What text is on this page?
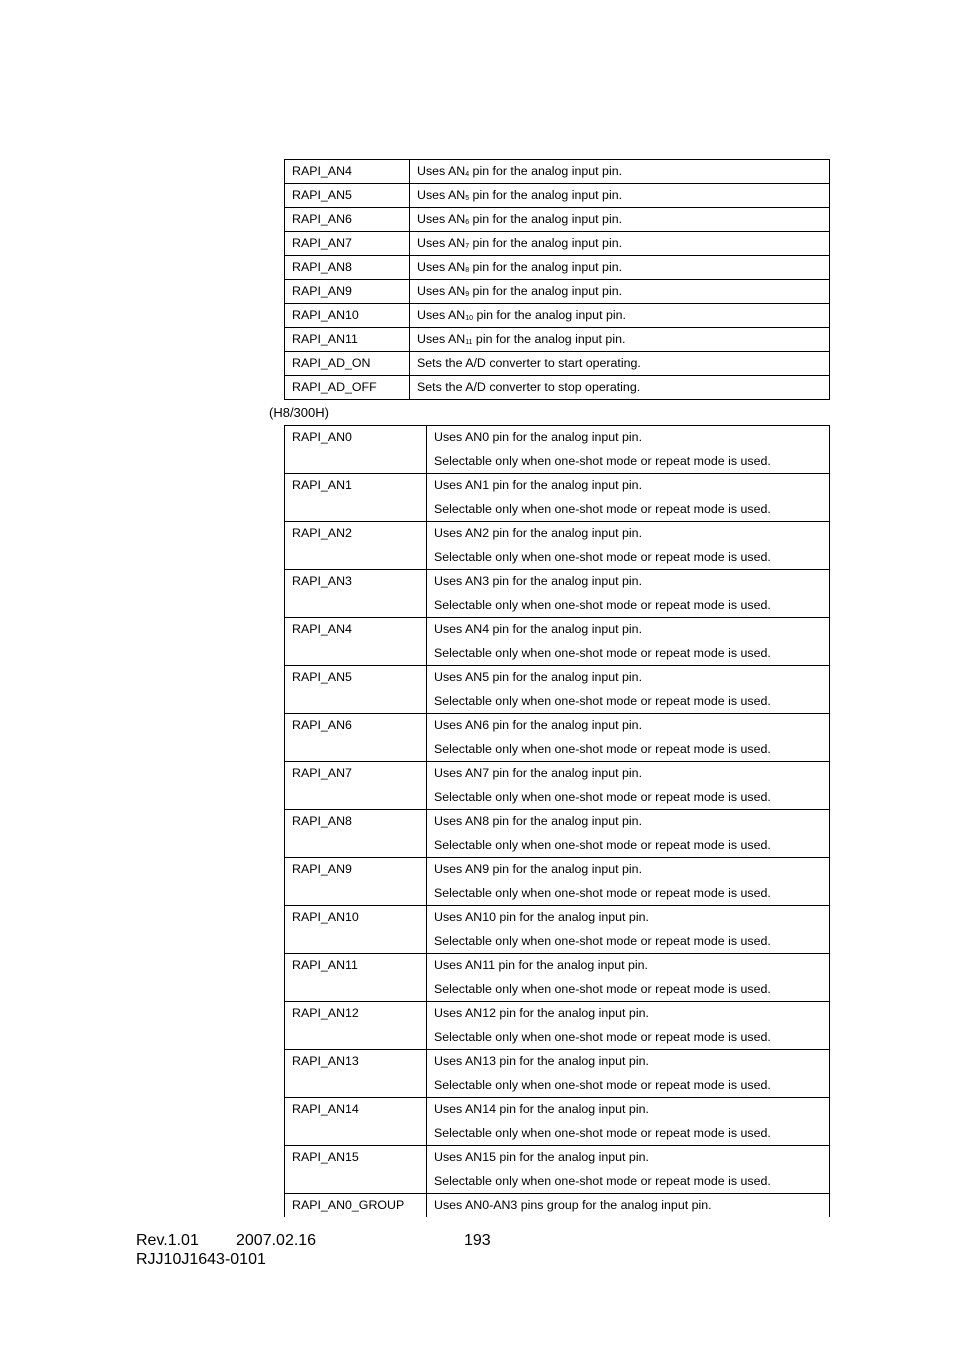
RAPI_AN4	Uses $AN_4$ pin for the analog input pin.
RAPI_AN5	Uses $AN_5$ pin for the analog input pin.
RAPI_AN6	Uses $AN_6$ pin for the analog input pin.
RAPI_AN7	Uses $AN_7$ pin for the analog input pin.
RAPI_AN8	Uses $AN_8$ pin for the analog input pin.
RAPI_AN9	Uses $AN_9$ pin for the analog input pin.
RAPI_AN10	Uses $AN_{10}$ pin for the analog input pin.
RAPI_AN11	Uses $AN_{11}$ pin for the analog input pin.
RAPI_AD_ON	Sets the A/D converter to start operating.
RAPI_AD_OFF	Sets the A/D converter to stop operating.
(H8/300H)
RAPI_AN0	Uses AN0 pin for the analog input pin.
Selectable only when one-shot mode or repeat mode is used.

RAPI_AN1	Uses AN1 pin for the analog input pin.
Selectable only when one-shot mode or repeat mode is used.

RAPI_AN2	Uses AN2 pin for the analog input pin.
Selectable only when one-shot mode or repeat mode is used.

RAPI_AN3	Uses AN3 pin for the analog input pin.
Selectable only when one-shot mode or repeat mode is used.

RAPI_AN4	Uses AN4 pin for the analog input pin.
Selectable only when one-shot mode or repeat mode is used.

RAPI_AN5	Uses AN5 pin for the analog input pin.
Selectable only when one-shot mode or repeat mode is used.

RAPI_AN6	Uses AN6 pin for the analog input pin.
Selectable only when one-shot mode or repeat mode is used.

RAPI_AN7	Uses AN7 pin for the analog input pin.
Selectable only when one-shot mode or repeat mode is used.

RAPI_AN8	Uses AN8 pin for the analog input pin.
Selectable only when one-shot mode or repeat mode is used.

RAPI_AN9	Uses AN9 pin for the analog input pin.
Selectable only when one-shot mode or repeat mode is used.

RAPI_AN10	Uses AN10 pin for the analog input pin.
Selectable only when one-shot mode or repeat mode is used.

RAPI_AN11	Uses AN11 pin for the analog input pin.
Selectable only when one-shot mode or repeat mode is used.

RAPI_AN12	Uses AN12 pin for the analog input pin.
Selectable only when one-shot mode or repeat mode is used.

RAPI_AN13	Uses AN13 pin for the analog input pin.
Selectable only when one-shot mode or repeat mode is used.

RAPI_AN14	Uses AN14 pin for the analog input pin.
Selectable only when one-shot mode or repeat mode is used.

RAPI_AN15	Uses AN15 pin for the analog input pin.
Selectable only when one-shot mode or repeat mode is used.

RAPI_AN0_GROUP	Uses AN0-AN3 pins group for the analog input pin.
Rev.1.01 2007.02.16
RJJ10J1643-0101
193
